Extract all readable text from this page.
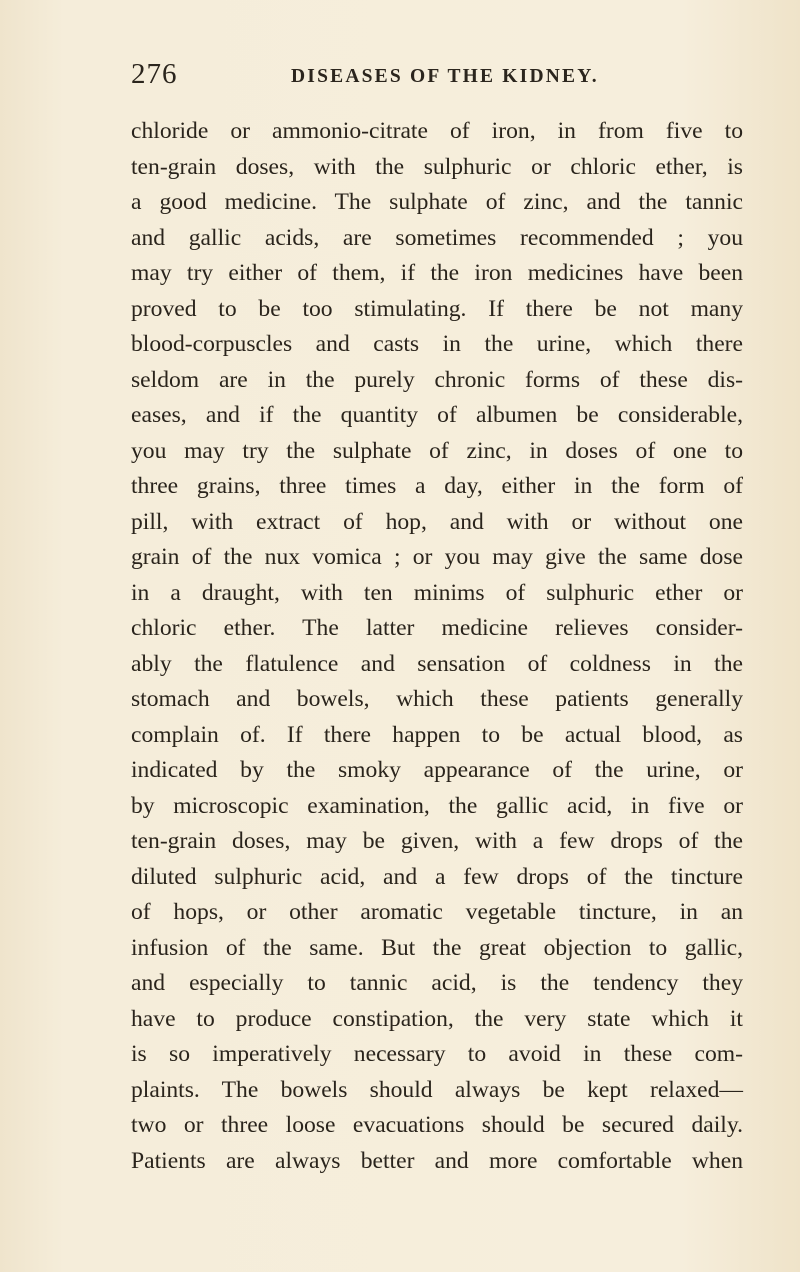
276	DISEASES OF THE KIDNEY.
chloride or ammonio-citrate of iron, in from five to
ten-grain doses, with the sulphuric or chloric ether, is
a good medicine. The sulphate of zinc, and the tannic
and gallic acids, are sometimes recommended ; you
may try either of them, if the iron medicines have been
proved to be too stimulating. If there be not many
blood-corpuscles and casts in the urine, which there
seldom are in the purely chronic forms of these dis-
eases, and if the quantity of albumen be considerable,
you may try the sulphate of zinc, in doses of one to
three grains, three times a day, either in the form of
pill, with extract of hop, and with or without one
grain of the nux vomica ; or you may give the same dose
in a draught, with ten minims of sulphuric ether or
chloric ether. The latter medicine relieves consider-
ably the flatulence and sensation of coldness in the
stomach and bowels, which these patients generally
complain of. If there happen to be actual blood, as
indicated by the smoky appearance of the urine, or
by microscopic examination, the gallic acid, in five or
ten-grain doses, may be given, with a few drops of the
diluted sulphuric acid, and a few drops of the tincture
of hops, or other aromatic vegetable tincture, in an
infusion of the same. But the great objection to gallic,
and especially to tannic acid, is the tendency they
have to produce constipation, the very state which it
is so imperatively necessary to avoid in these com-
plaints. The bowels should always be kept relaxed—
two or three loose evacuations should be secured daily.
Patients are always better and more comfortable when
